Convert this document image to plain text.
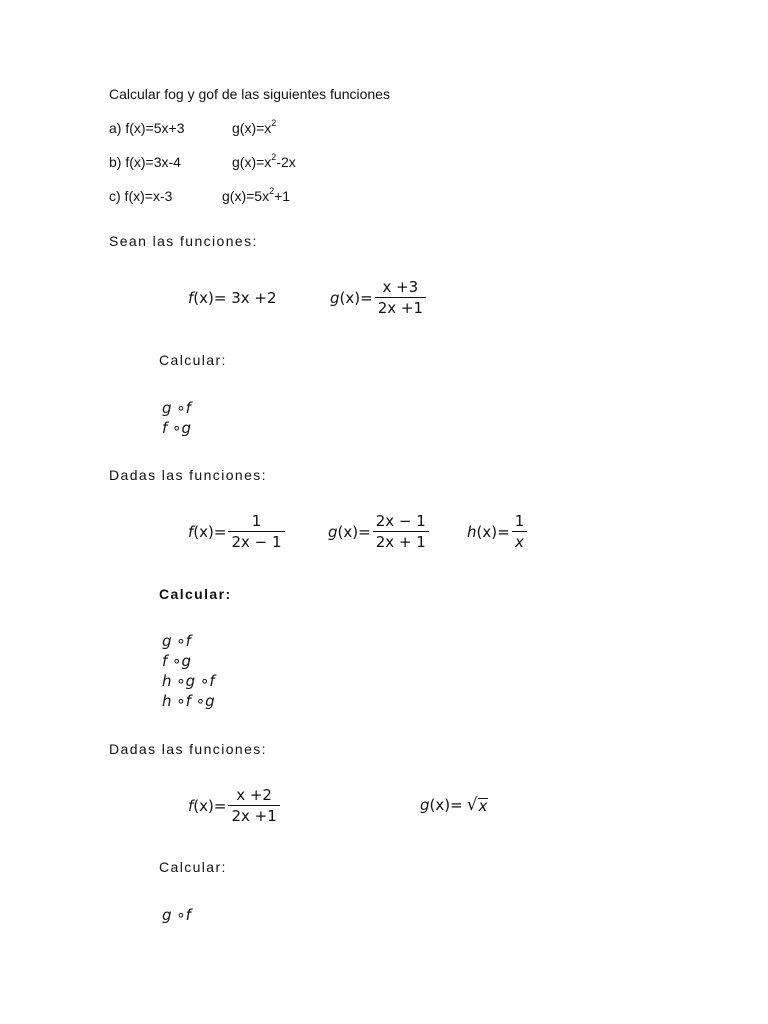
Calcular fog y gof de las siguientes funciones
a) f(x)=5x+3	$g(x)=x^2$
b) f(x)=3x-4	$g(x)=x^2-2x$
c) f(x)=x-3	$g(x)=5x^2+1$
Sean las funciones:
f (x) = 3x +2	g $(x) = \frac{x +3}{2x +1}$
Calcular:
g ∘f
f ∘g
Dadas las funciones:
f $(x) = \frac{1}{2x - 1}$	g $(x) = \frac{2x - 1}{2x + 1}$	h $(x) = \frac{1}{x}$
Calcular:
g ∘f
f ∘g
h ∘g ∘f
h ∘f ∘g
Dadas las funciones:
f $(x) = \frac{x +2}{2x +1}$	g (x) = √ x
Calcular:
g ∘f
